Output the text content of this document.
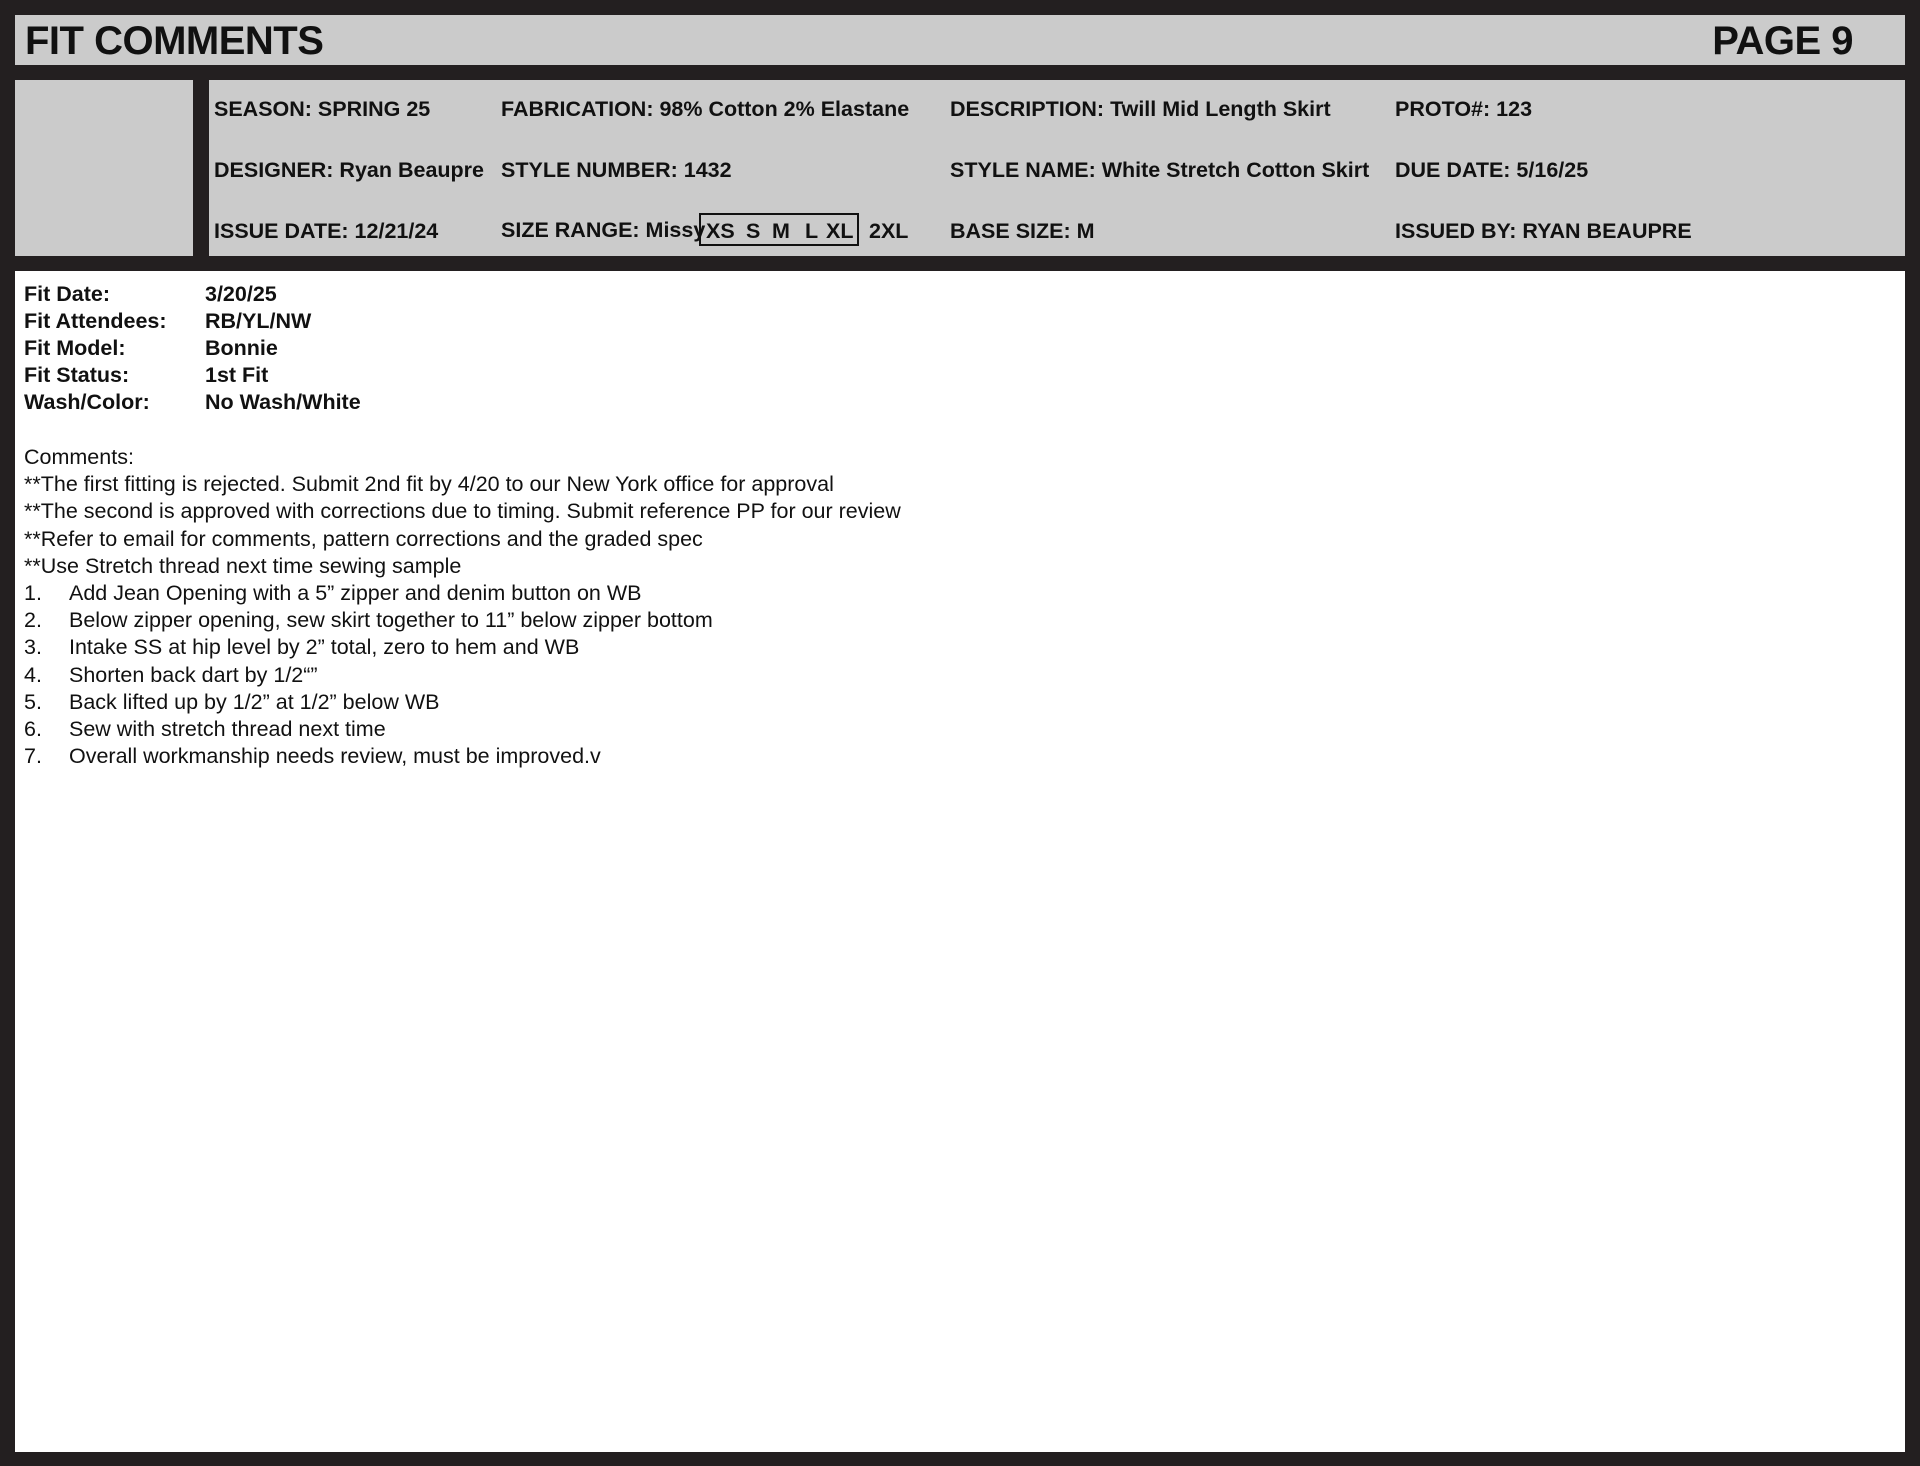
FIT COMMENTS	PAGE 9
SEASON: SPRING 25	FABRICATION: 98% Cotton 2% Elastane DESCRIPTION: Twill Mid Length Skirt	PROTO#: 123
DESIGNER: Ryan Beaupre STYLE NUMBER: 1432	STYLE NAME: White Stretch Cotton Skirt DUE DATE: 5/16/25
ISSUE DATE: 12/21/24	SIZE RANGE: Missy XS S M L XL 2XL BASE SIZE: M	ISSUED BY: RYAN BEAUPRE
Fit Date:	3/20/25
Fit Attendees: RB/YL/NW
Fit Model:	Bonnie
Fit Status:	1st Fit
Wash/Color:	No Wash/White
Comments:
**The first fitting is rejected. Submit 2nd fit by 4/20 to our New York office for approval
**The second is approved with corrections due to timing. Submit reference PP for our review
**Refer to email for comments, pattern corrections and the graded spec
**Use Stretch thread next time sewing sample
1. Add Jean Opening with a 5” zipper and denim button on WB
2. Below zipper opening, sew skirt together to 11” below zipper bottom
3. Intake SS at hip level by 2” total, zero to hem and WB
4. Shorten back dart by 1/2“”
5. Back lifted up by 1/2” at 1/2” below WB
6. Sew with stretch thread next time
7. Overall workmanship needs review, must be improved.v
